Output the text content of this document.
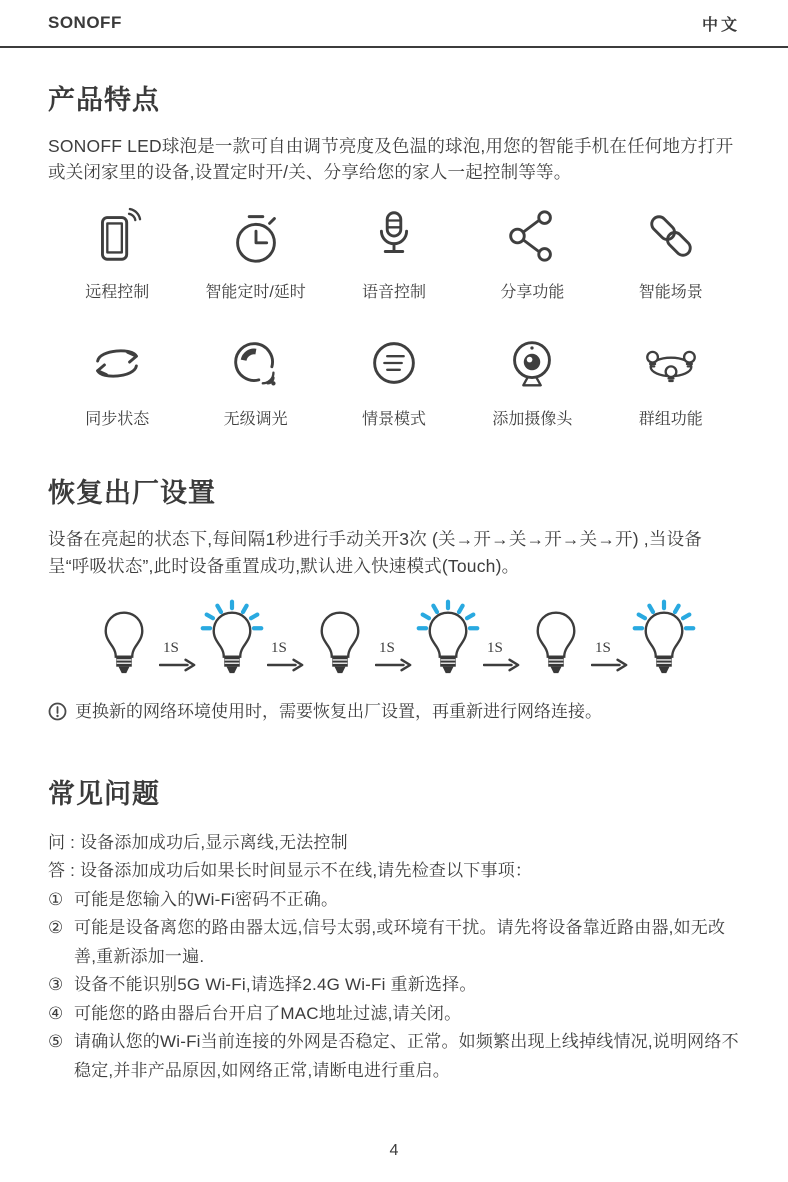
SONOFF	中文
产品特点

SONOFF LED球泡是一款可自由调节亮度及色温的球泡,用您的智能手机在任何地方打开或关闭家里的设备,设置定时开/关、分享给您的家人一起控制等等。

远程控制	智能定时/延时	语音控制	分享功能	智能场景
同步状态	无级调光	情景模式	添加摄像头	群组功能
恢复出厂设置

设备在亮起的状态下,每间隔1秒进行手动关开3次 (关→开→关→开→关→开) ,当设备呈“呼吸状态”,此时设备重置成功,默认进入快速模式(Touch)。

1S	1S	1S	1S	1S
更换新的网络环境使用时，需要恢复出厂设置，再重新进行网络连接。
常见问题

问 : 设备添加成功后,显示离线,无法控制

答 : 设备添加成功后如果长时间显示不在线,请先检查以下事项：

① 可能是您输入的Wi-Fi密码不正确。
② 可能是设备离您的路由器太远,信号太弱,或环境有干扰。请先将设备靠近路由器,如无改善,重新添加一遍.
③ 设备不能识别5G Wi-Fi,请选择2.4G Wi-Fi 重新选择。
④ 可能您的路由器后台开启了MAC地址过滤,请关闭。
⑤ 请确认您的Wi-Fi当前连接的外网是否稳定、正常。如频繁出现上线掉线情况,说明网络不稳定,并非产品原因,如网络正常,请断电进行重启。
4
